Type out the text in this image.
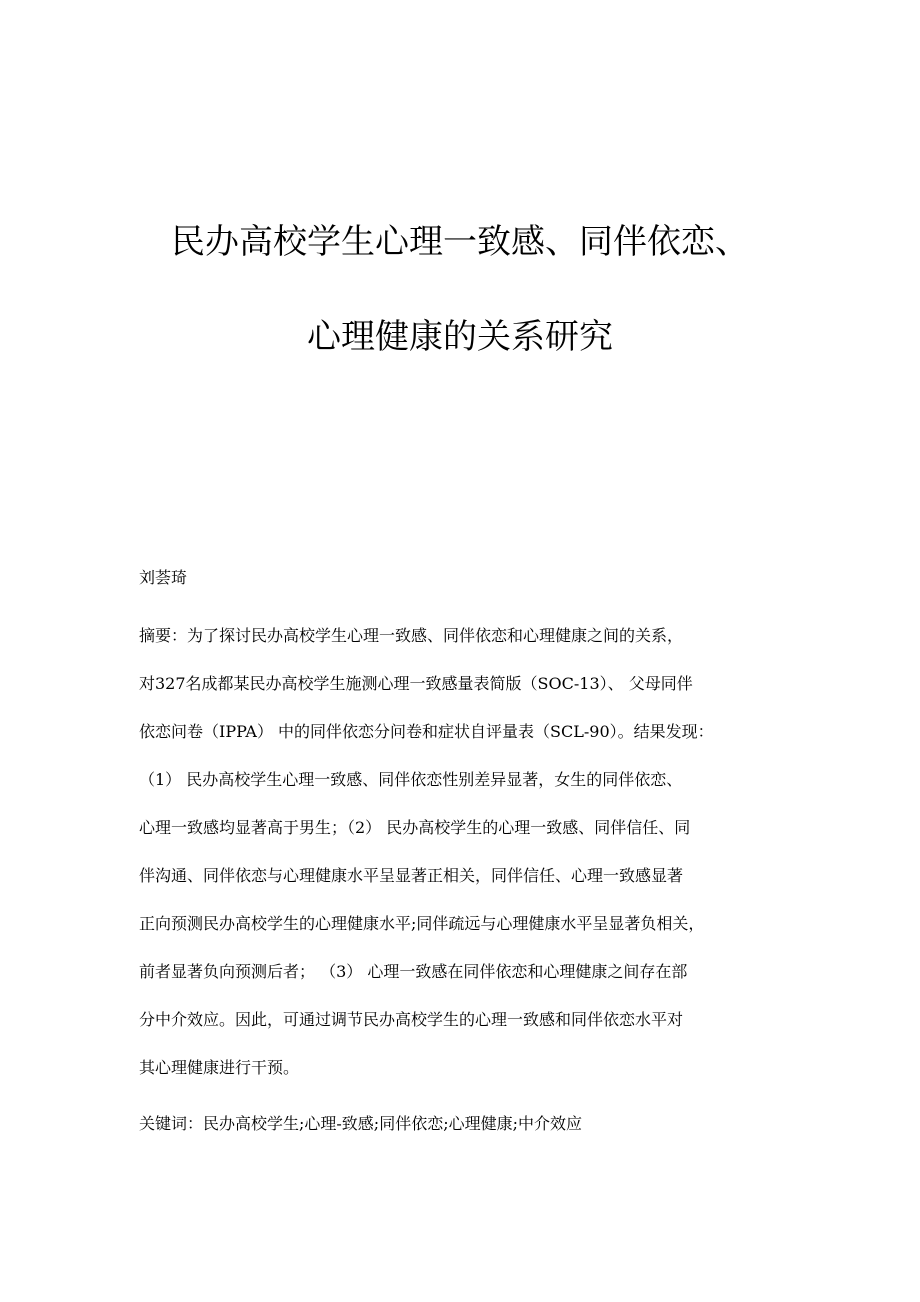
民办高校学生心理一致感、同伴依恋、
心理健康的关系研究
刘荟琦
摘要：为了探讨民办高校学生心理一致感、同伴依恋和心理健康之间的关系，
对327名成都某民办高校学生施测心理一致感量表简版（SOC-13）、 父母同伴
依恋问卷（IPPA） 中的同伴依恋分问卷和症状自评量表（SCL-90）。结果发现：
（1） 民办高校学生心理一致感、同伴依恋性别差异显著，女生的同伴依恋、
心理一致感均显著高于男生；（2） 民办高校学生的心理一致感、同伴信任、同
伴沟通、同伴依恋与心理健康水平呈显著正相关，同伴信任、心理一致感显著
正向预测民办高校学生的心理健康水平;同伴疏远与心理健康水平呈显著负相关，
前者显著负向预测后者； （3） 心理一致感在同伴依恋和心理健康之间存在部
分中介效应。因此，可通过调节民办高校学生的心理一致感和同伴依恋水平对
其心理健康进行干预。
关键词：民办高校学生;心理-致感;同伴依恋;心理健康;中介效应
